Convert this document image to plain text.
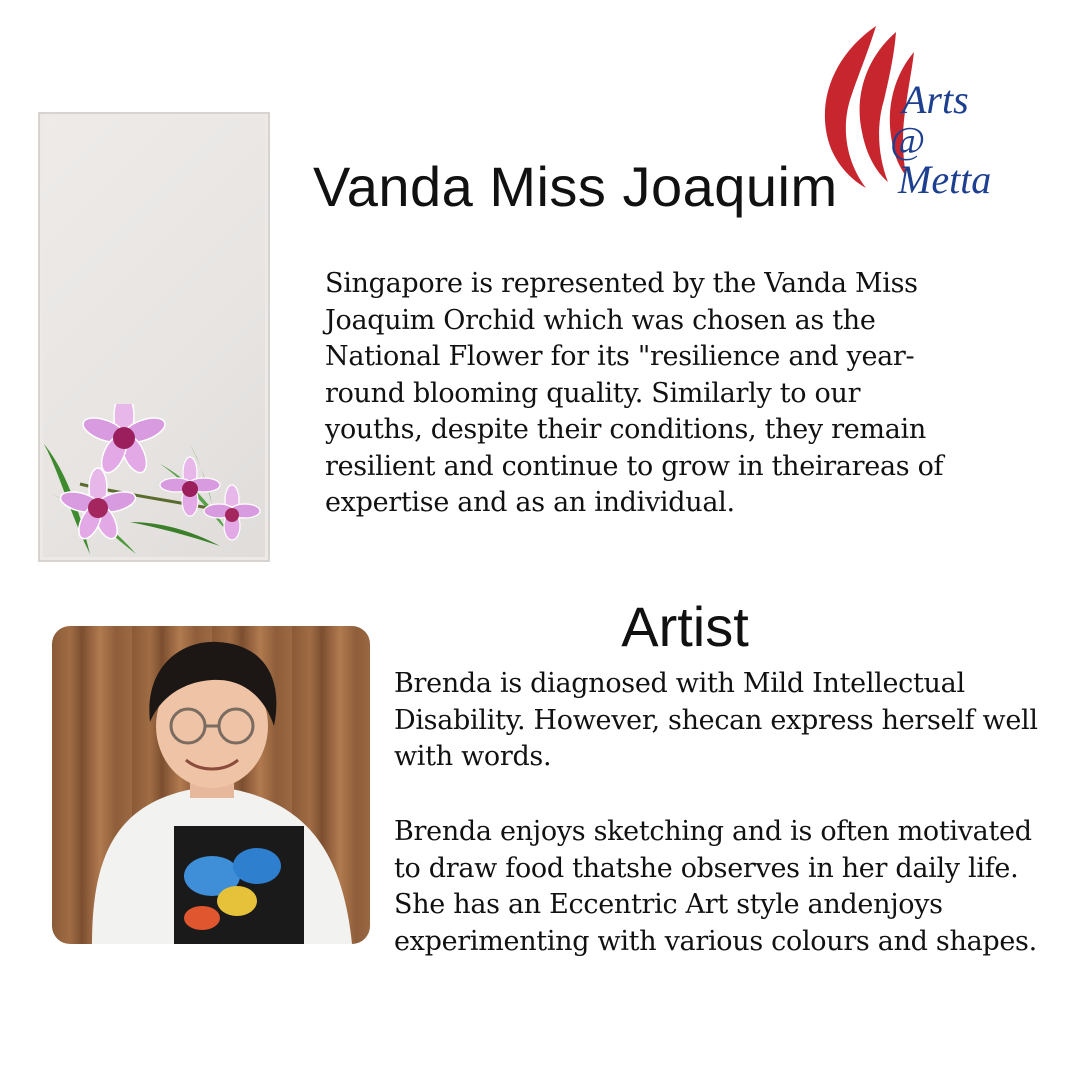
Arts
@
Metta
Vanda Miss Joaquim

Singapore is represented by the Vanda Miss Joaquim Orchid which was chosen as the National Flower for its "resilience and year-round blooming quality. Similarly to our youths, despite their conditions, they remain resilient and continue to grow in theirareas of expertise and as an individual.

Artist

Brenda is diagnosed with Mild Intellectual Disability. However, shecan express herself well with words.

Brenda enjoys sketching and is often motivated to draw food thatshe observes in her daily life. She has an Eccentric Art style andenjoys experimenting with various colours and shapes.
